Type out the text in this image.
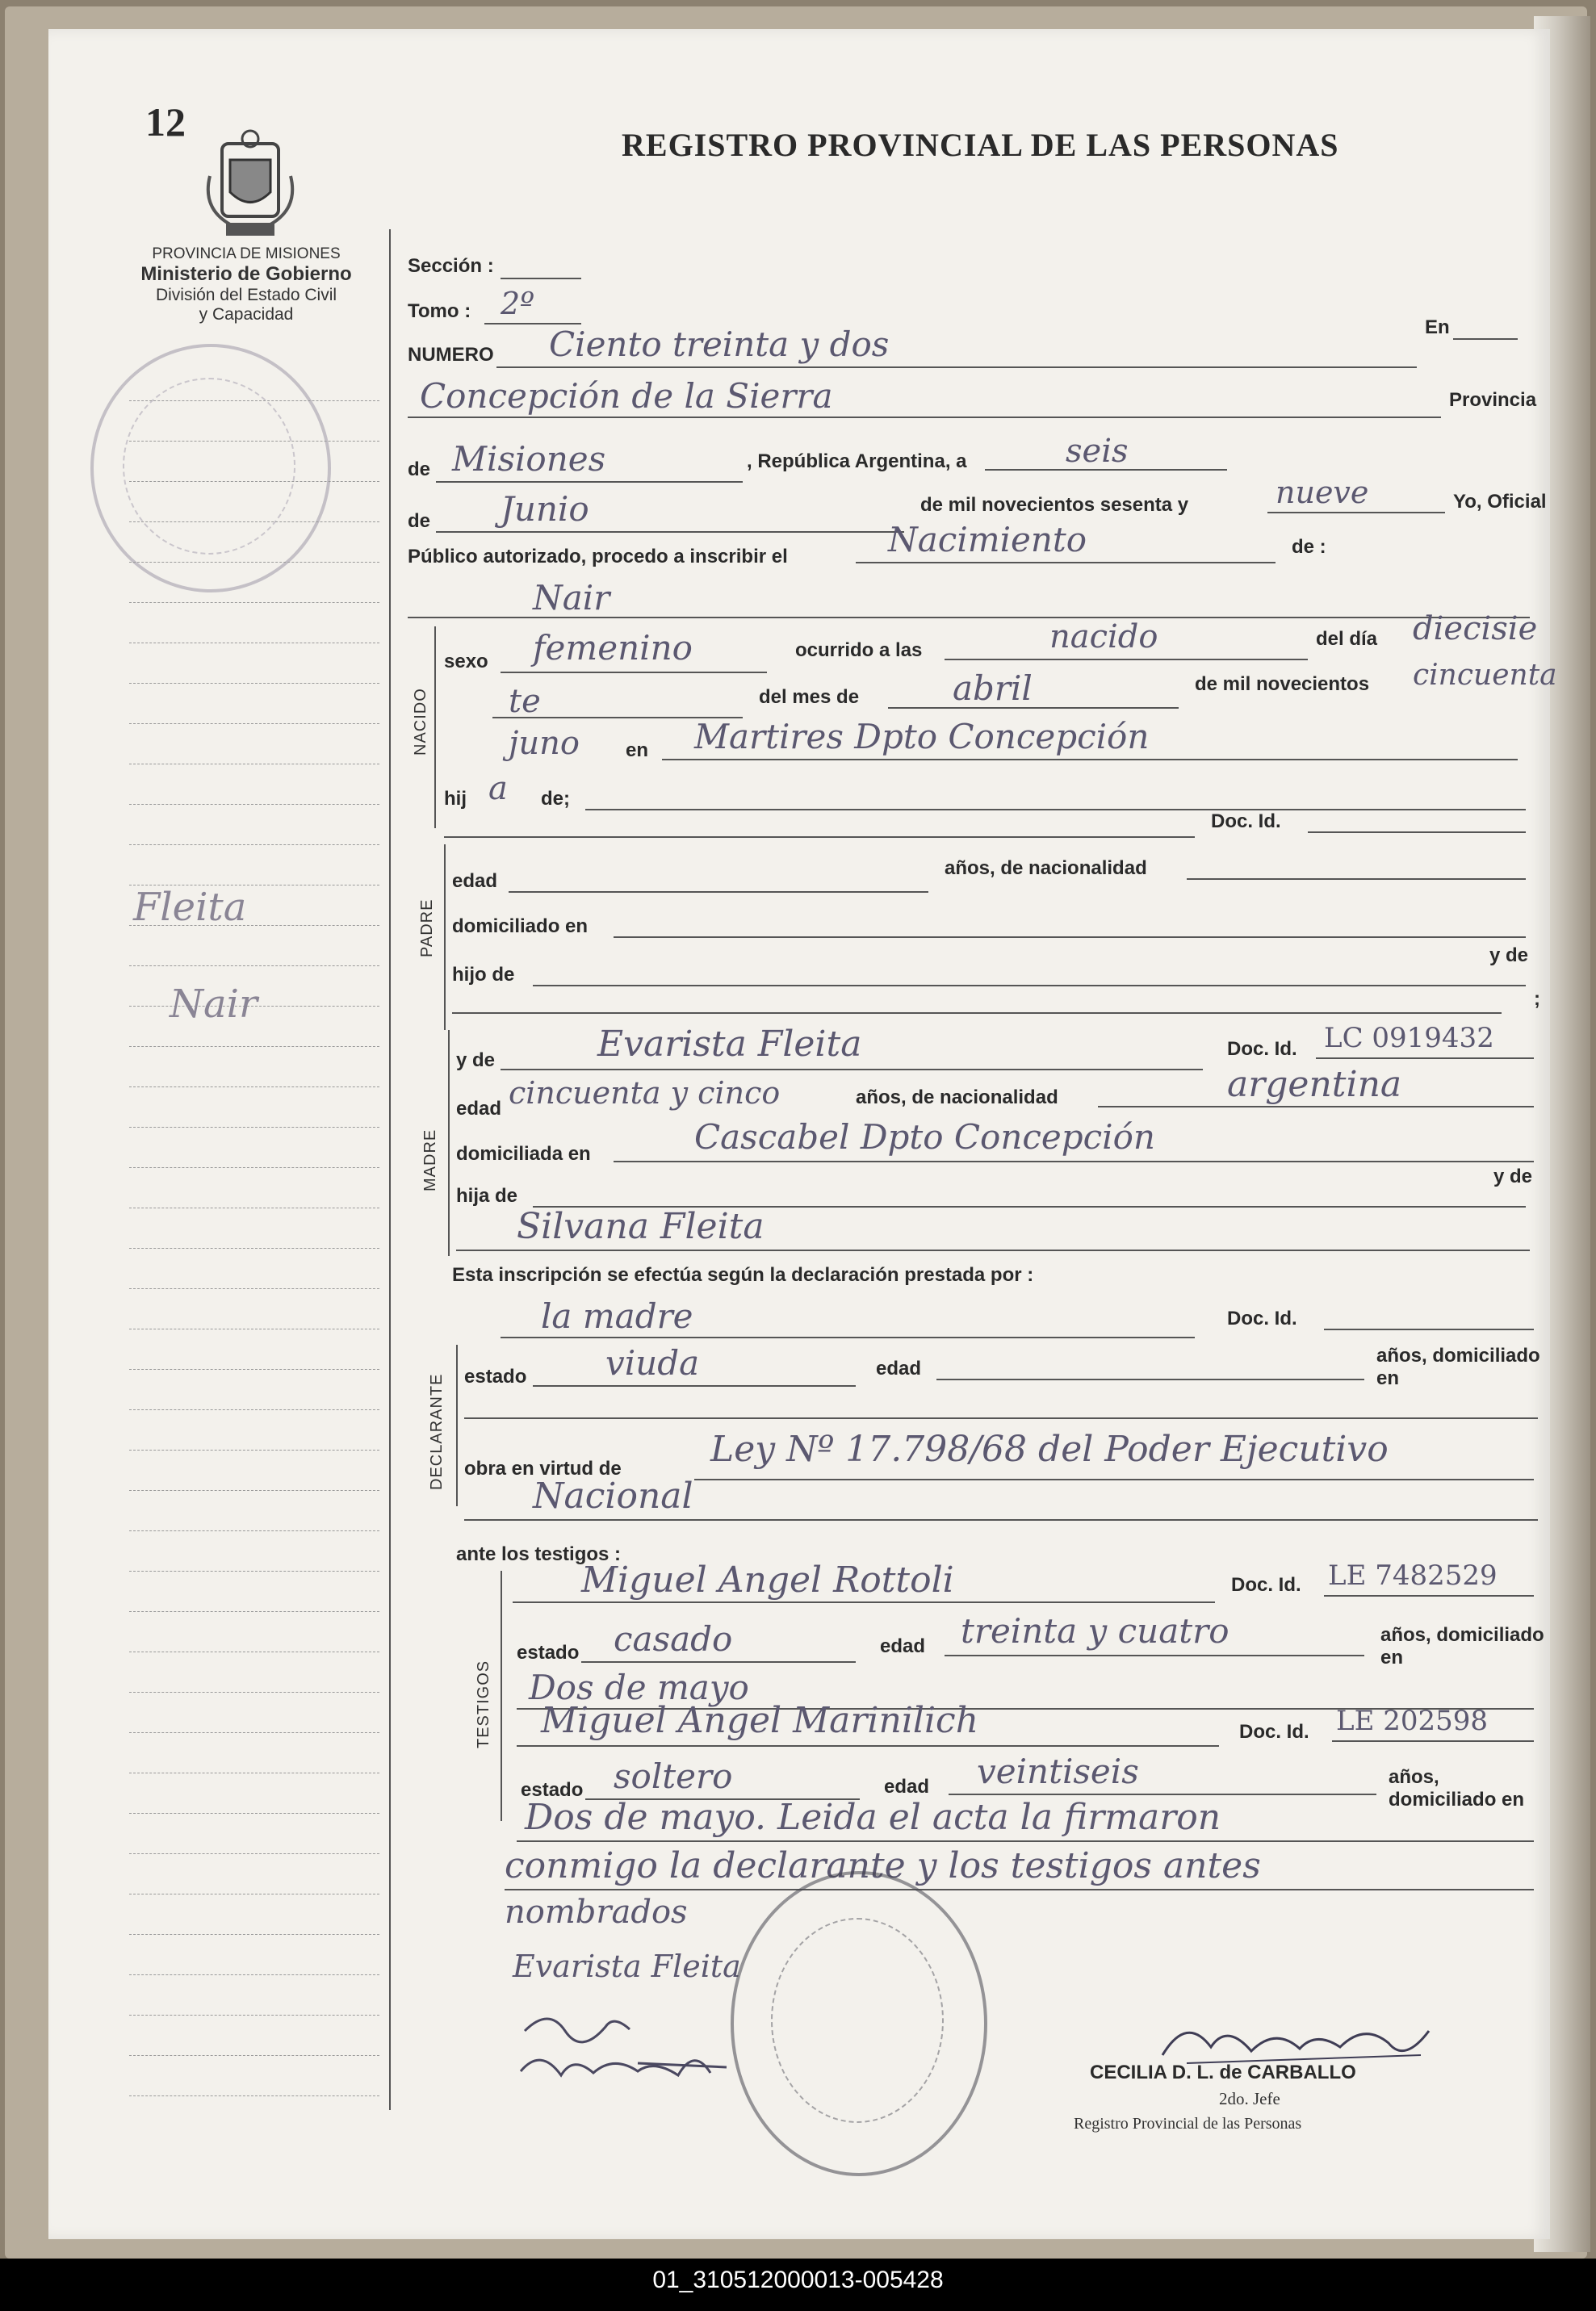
12
REGISTRO PROVINCIAL DE LAS PERSONAS
PROVINCIA DE MISIONES
Ministerio de Gobierno
División del Estado Civil
y Capacidad
Fleita
Nair
Sección :
Tomo : 2º
NUMERO Ciento treinta y dos	En
Concepción de la Sierra	Provincia
de Misiones	, República Argentina, a	seis
de Junio	de mil novecientos sesenta y	nueve	Yo, Oficial
Público autorizado, procedo a inscribir el	Nacimiento	de :
Nair
NACIDO
sexo femenino	ocurrido a las	nacido	del día diecisie
te	del mes de	abril	de mil novecientos cincuenta
juno en Martires Dpto Concepción
hij a de;
Doc. Id.
PADRE
edad
años, de nacionalidad
domiciliado en
hijo de
y de
;
MADRE
y de	Evarista Fleita	Doc. Id. LC 0919432
edad cincuenta y cinco	años, de nacionalidad	argentina
domiciliada en	Cascabel Dpto Concepción
hija de
y de
Silvana Fleita
Esta inscripción se efectúa según la declaración prestada por :
la madre	Doc. Id.
DECLARANTE estado viuda	edad
años, domiciliado en
obra en virtud de	Ley Nº 17.798/68 del Poder Ejecutivo
Nacional
ante los testigos :
TESTIGOS
Miguel Angel Rottoli	Doc. Id. LE 7482529
estado casado	edad treinta y cuatro	años, domiciliado en
Dos de mayo
Miguel Angel Marinilich	Doc. Id. LE 202598
estado soltero	edad veintiseis	años, domiciliado en
Dos de mayo. Leida el acta la firmaron
conmigo la declarante y los testigos antes
nombrados
Evarista Fleita
CECILIA D. L. de CARBALLO
2do. Jefe
Registro Provincial de las Personas
01_310512000013-005428
